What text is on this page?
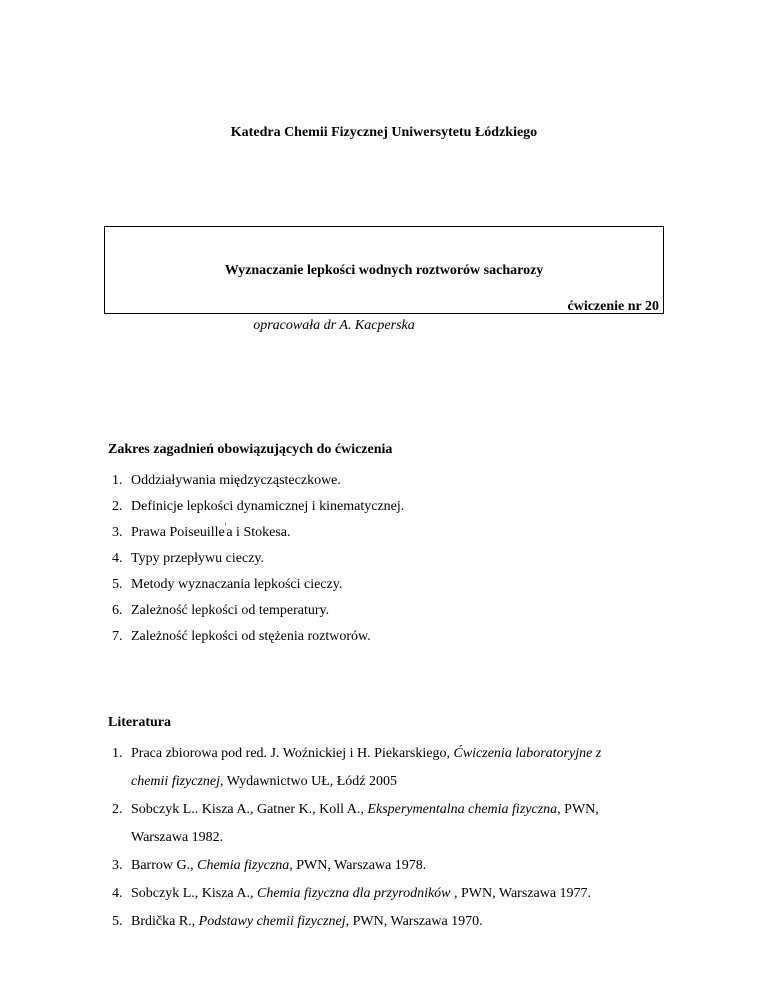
Katedra Chemii Fizycznej Uniwersytetu Łódzkiego
Wyznaczanie lepkości wodnych roztworów sacharozy
ćwiczenie nr 20
opracowała dr A. Kacperska
Zakres zagadnień obowiązujących do ćwiczenia
1. Oddziaływania międzycząsteczkowe.
2. Definicje lepkości dynamicznej i kinematycznej.
3. Prawa Poiseuille'a i Stokesa.
4. Typy przepływu cieczy.
5. Metody wyznaczania lepkości cieczy.
6. Zależność lepkości od temperatury.
7. Zależność lepkości od stężenia roztworów.
Literatura
1. Praca zbiorowa pod red. J. Woźnickiej i H. Piekarskiego, Ćwiczenia laboratoryjne z
chemii fizycznej, Wydawnictwo UŁ, Łódź 2005
2. Sobczyk L.. Kisza A., Gatner K., Koll A., Eksperymentalna chemia fizyczna, PWN,
Warszawa 1982.
3. Barrow G., Chemia fizyczna, PWN, Warszawa 1978.
4. Sobczyk L., Kisza A., Chemia fizyczna dla przyrodników , PWN, Warszawa 1977.
5. Brdička R., Podstawy chemii fizycznej, PWN, Warszawa 1970.
